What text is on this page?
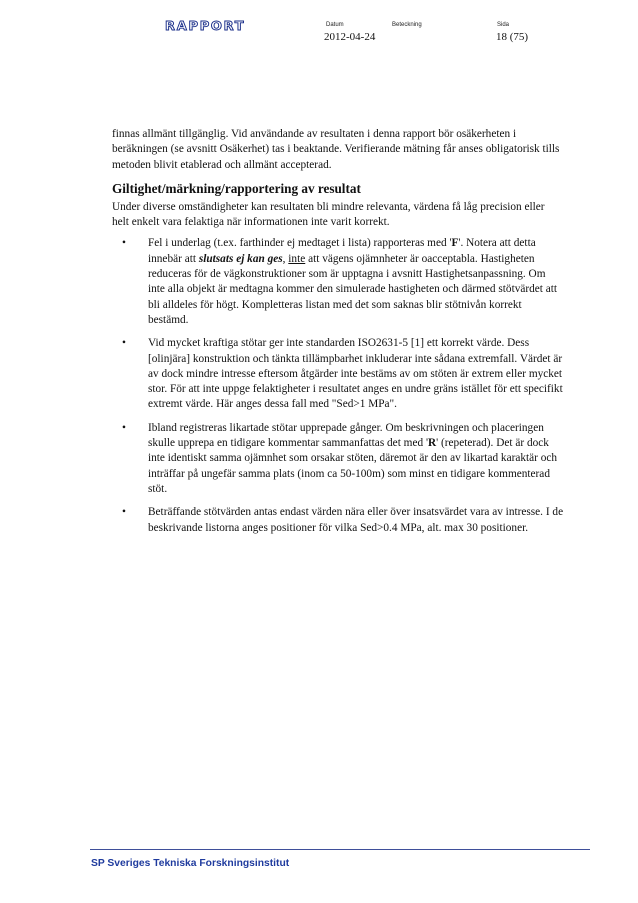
RAPPORT	Datum
2012-04-24
Beteckning	Sida
18 (75)

finnas allmänt tillgänglig. Vid användande av resultaten i denna rapport bör osäkerheten i beräkningen (se avsnitt Osäkerhet) tas i beaktande. Verifierande mätning får anses obligatorisk tills metoden blivit etablerad och allmänt accepterad.

Giltighet/märkning/rapportering av resultat

Under diverse omständigheter kan resultaten bli mindre relevanta, värdena få låg precision eller helt enkelt vara felaktiga när informationen inte varit korrekt.

• Fel i underlag (t.ex. farthinder ej medtaget i lista) rapporteras med 'F'. Notera att detta innebär att slutsats ej kan ges, inte att vägens ojämnheter är oacceptabla. Hastigheten reduceras för de vägkonstruktioner som är upptagna i avsnitt Hastighetsanpassning. Om inte alla objekt är medtagna kommer den simulerade hastigheten och därmed stötvärdet att bli alldeles för högt. Kompletteras listan med det som saknas blir stötnivån korrekt bestämd.
• Vid mycket kraftiga stötar ger inte standarden ISO2631-5 [1] ett korrekt värde. Dess [olinjära] konstruktion och tänkta tillämpbarhet inkluderar inte sådana extremfall. Värdet är av dock mindre intresse eftersom åtgärder inte bestäms av om stöten är extrem eller mycket stor. För att inte uppge felaktigheter i resultatet anges en undre gräns istället för ett specifikt extremt värde. Här anges dessa fall med "Sed>1 MPa".
• Ibland registreras likartade stötar upprepade gånger. Om beskrivningen och placeringen skulle upprepa en tidigare kommentar sammanfattas det med 'R' (repeterad). Det är dock inte identiskt samma ojämnhet som orsakar stöten, däremot är den av likartad karaktär och inträffar på ungefär samma plats (inom ca 50-100m) som minst en tidigare kommenterad stöt.
• Beträffande stötvärden antas endast värden nära eller över insatsvärdet vara av intresse. I de beskrivande listorna anges positioner för vilka Sed>0.4 MPa, alt. max 30 positioner.
SP Sveriges Tekniska Forskningsinstitut
